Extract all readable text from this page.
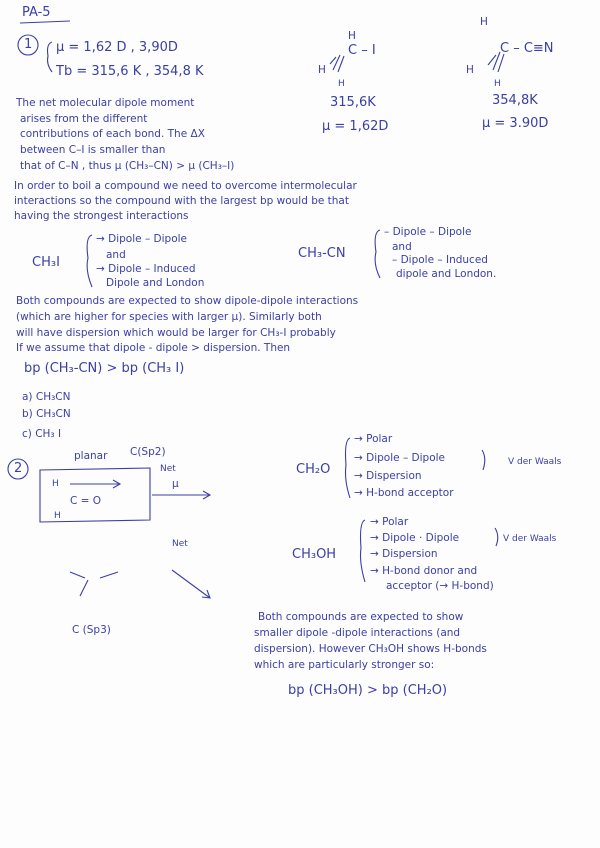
PA-5
1 μ = 1,62 D , 3,90D
Tb = 315,6 K , 354,8 K
H
C – I
H
H
315,6K
μ = 1,62D
H
C – C≡N
H
H
354,8K
μ = 3.90D
The net molecular dipole moment
arises from the different
contributions of each bond. The ΔX
between C–I is smaller than
that of C–N , thus μ (CH₃–CN) > μ (CH₃–I)
In order to boil a compound we need to overcome intermolecular
interactions so the compound with the largest bp would be that
having the strongest interactions
CH₃I
→ Dipole – Dipole
and
→ Dipole – Induced
Dipole and London
CH₃-CN
– Dipole – Dipole
and
– Dipole – Induced
dipole and London.
Both compounds are expected to show dipole-dipole interactions
(which are higher for species with larger μ). Similarly both
will have dispersion which would be larger for CH₃-I probably
If we assume that dipole - dipole > dispersion. Then
bp (CH₃-CN) > bp (CH₃ I)
a) CH₃CN
b) CH₃CN
c) CH₃ I
2
planar C(Sp2)
Net
μ
C = O
H
H
Net
C (Sp3)
CH₂O
→ Polar
→ Dipole – Dipole
→ Dispersion
→ H-bond acceptor
V der Waals
CH₃OH
→ Polar
→ Dipole · Dipole
→ Dispersion
→ H-bond donor and
acceptor (→ H-bond)
V der Waals
Both compounds are expected to show
smaller dipole -dipole interactions (and
dispersion). However CH₃OH shows H-bonds
which are particularly stronger so:
bp (CH₃OH) > bp (CH₂O)
